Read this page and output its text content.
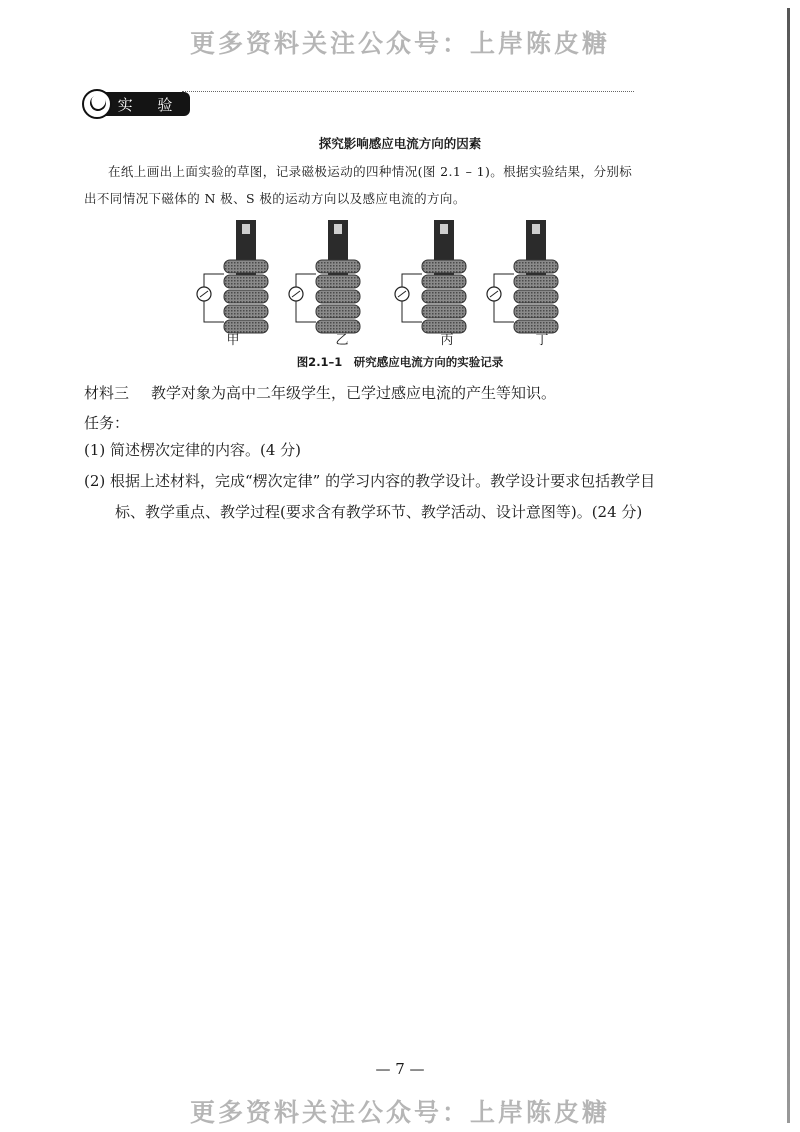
更多资料关注公众号：上岸陈皮糖
实 验
探究影响感应电流方向的因素
在纸上画出上面实验的草图，记录磁极运动的四种情况(图 2.1 – 1)。根据实验结果，分别标
出不同情况下磁体的 N 极、S 极的运动方向以及感应电流的方向。
甲	乙	丙	丁
图2.1–1　研究感应电流方向的实验记录
材料三 教学对象为高中二年级学生，已学过感应电流的产生等知识。
任务：
(1) 简述楞次定律的内容。(4 分)
(2) 根据上述材料，完成“楞次定律” 的学习内容的教学设计。教学设计要求包括教学目
标、教学重点、教学过程(要求含有教学环节、教学活动、设计意图等)。(24 分)
— 7 —
更多资料关注公众号：上岸陈皮糖
